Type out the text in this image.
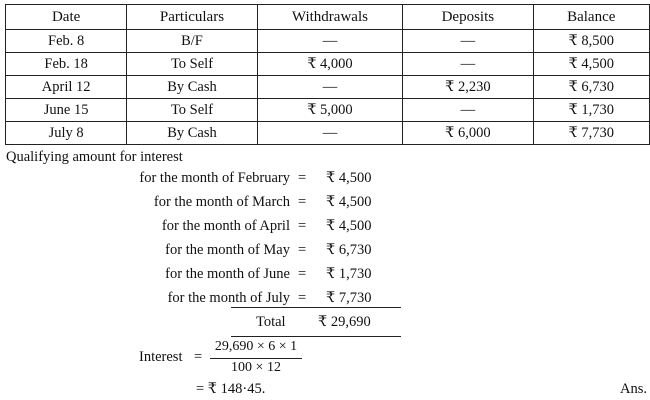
Date	Particulars	Withdrawals	Deposits	Balance
Feb. 8	B/F	—	—	₹ 8,500
Feb. 18	To Self	₹ 4,000	—	₹ 4,500
April 12	By Cash	—	₹ 2,230	₹ 6,730
June 15	To Self	₹ 5,000	—	₹ 1,730
July 8	By Cash	—	₹ 6,000	₹ 7,730
Qualifying amount for interest
for the month of February = ₹ 4,500
for the month of March = ₹ 4,500
for the month of April = ₹ 4,500
for the month of May = ₹ 6,730
for the month of June = ₹ 1,730
for the month of July = ₹ 7,730
Total ₹ 29,690
Interest =
29,690 × 6 × 1
100 × 12
= ₹ 148·45.	Ans.
